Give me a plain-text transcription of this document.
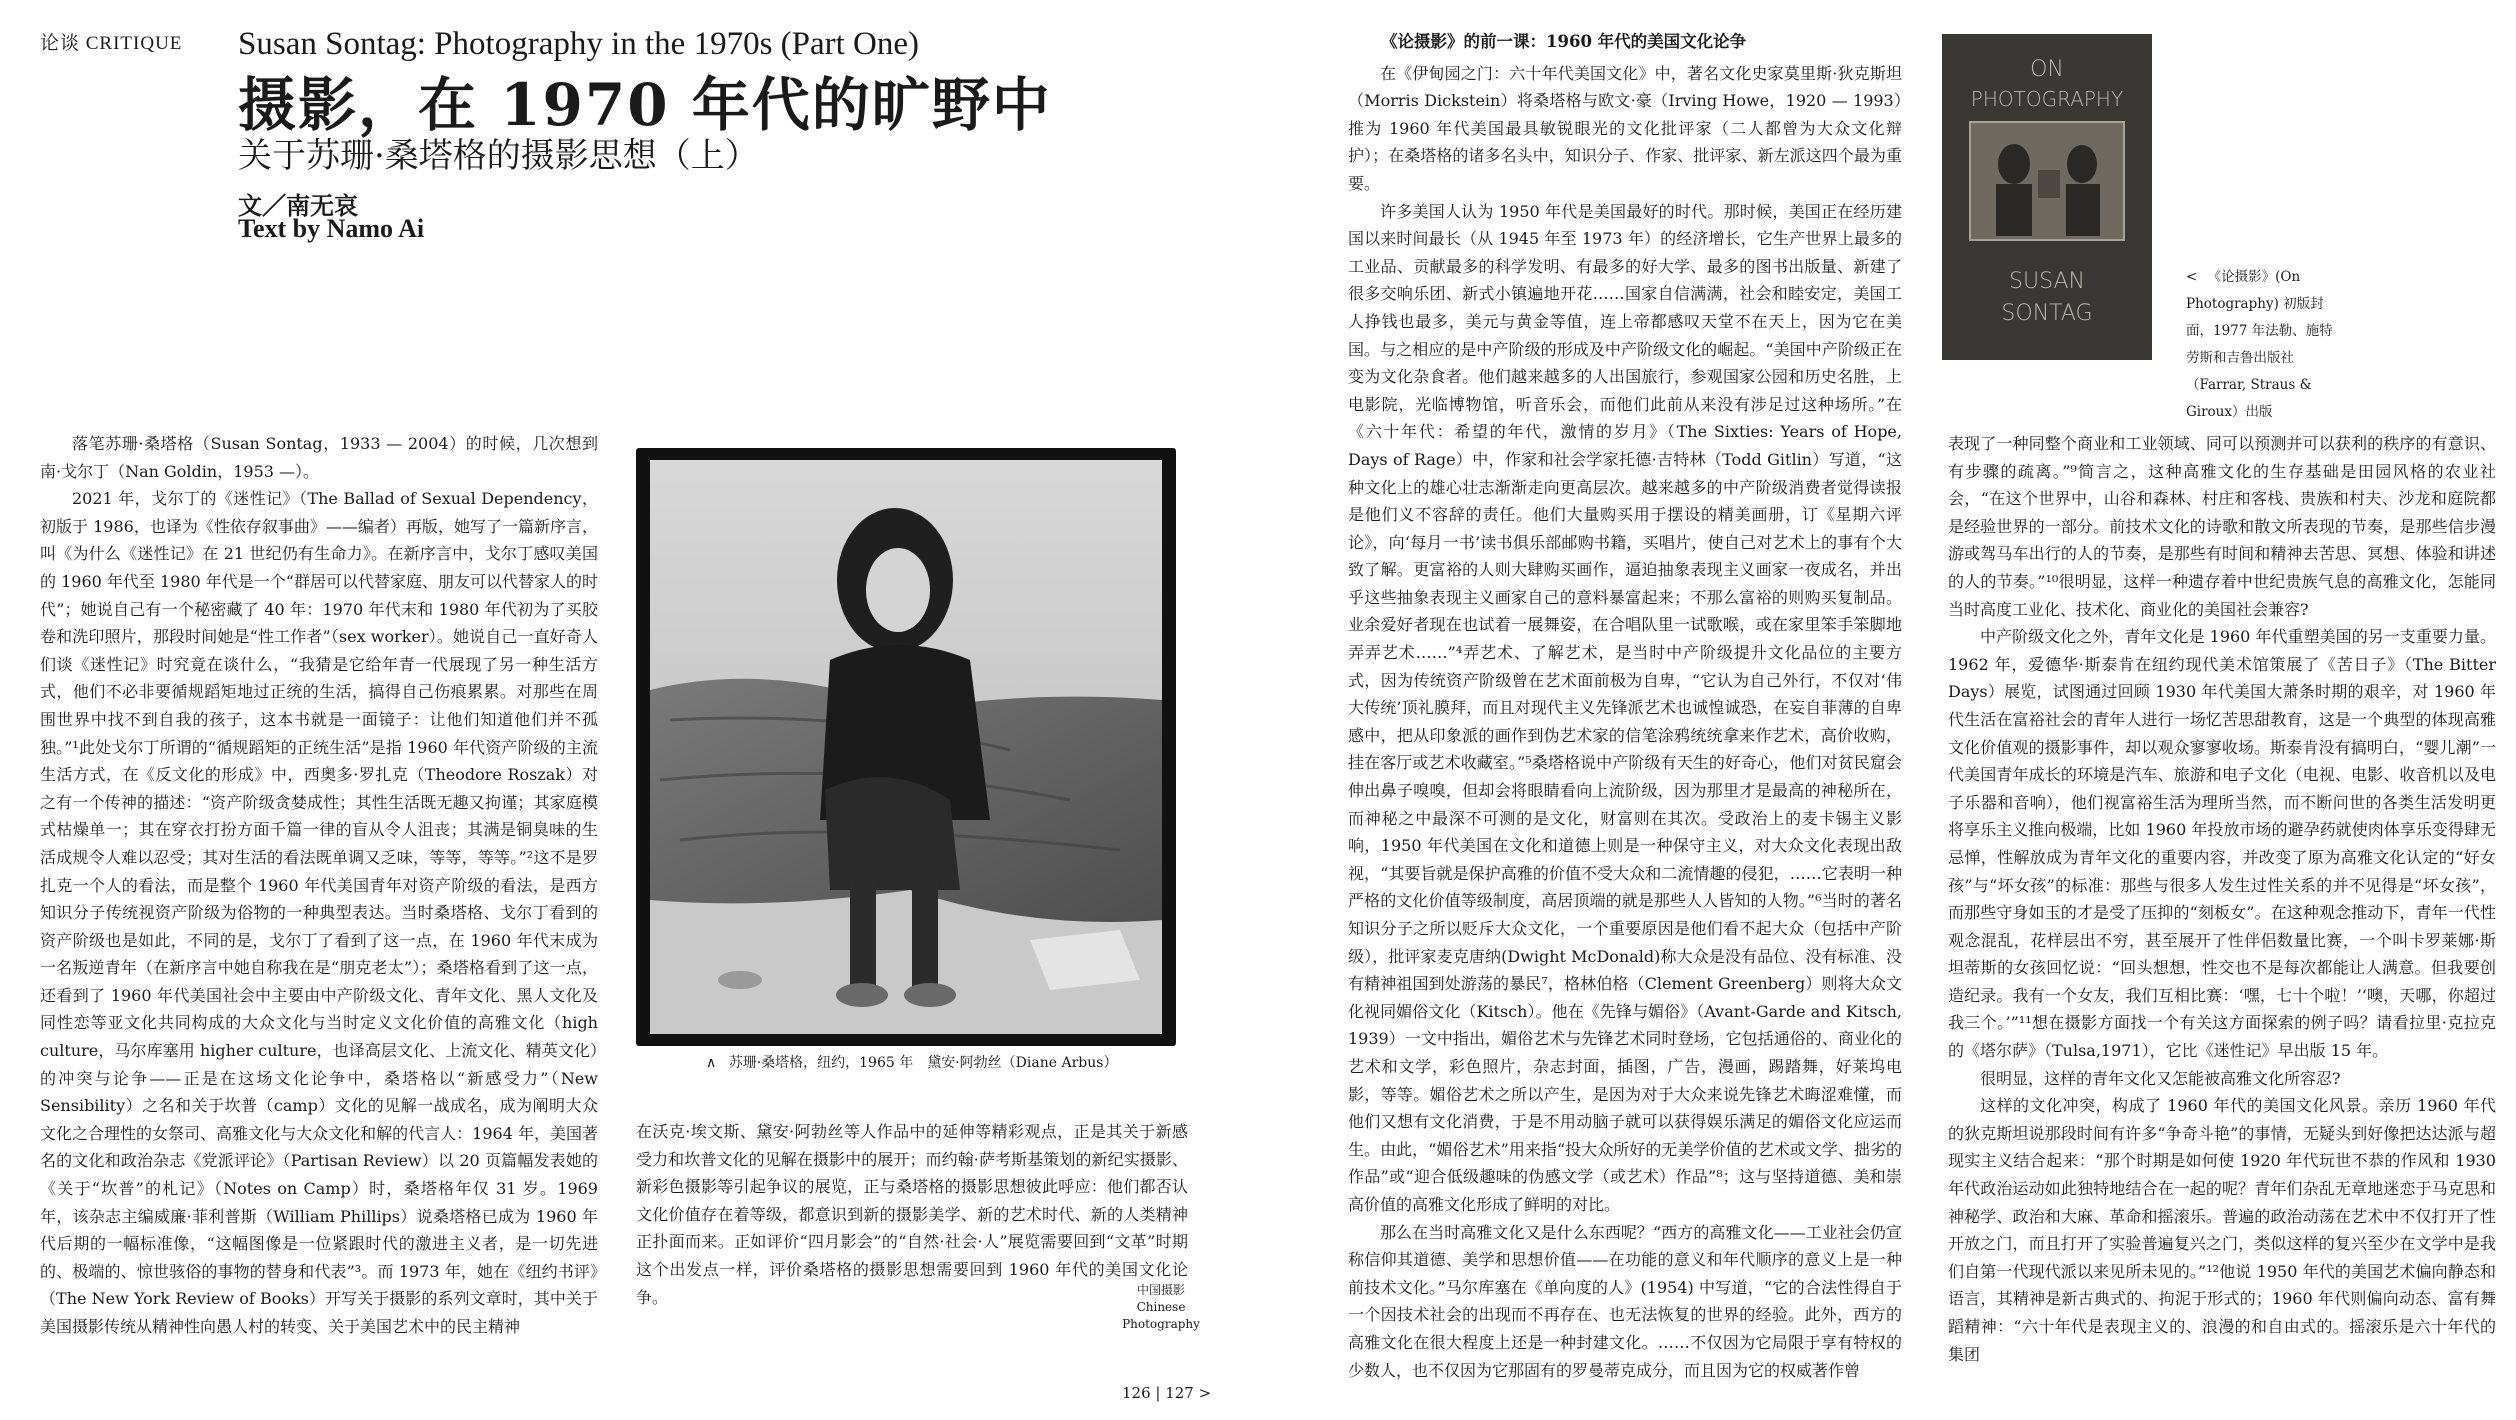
论谈 CRITIQUE Susan Sontag: Photography in the 1970s (Part One)
摄影，在 1970 年代的旷野中
关于苏珊·桑塔格的摄影思想（上）
文／南无哀
Text by Namo Ai

落笔苏珊·桑塔格（Susan Sontag，1933 — 2004）的时候，几次想到南·戈尔丁（Nan Goldin，1953 —）。

2021 年，戈尔丁的《迷性记》（The Ballad of Sexual Dependency，初版于 1986，也译为《性依存叙事曲》——编者）再版，她写了一篇新序言，叫《为什么《迷性记》在 21 世纪仍有生命力》。在新序言中，戈尔丁感叹美国的 1960 年代至 1980 年代是一个“群居可以代替家庭、朋友可以代替家人的时代”；她说自己有一个秘密藏了 40 年：1970 年代末和 1980 年代初为了买胶卷和洗印照片，那段时间她是“性工作者”（sex worker）。她说自己一直好奇人们谈《迷性记》时究竟在谈什么，“我猜是它给年青一代展现了另一种生活方式，他们不必非要循规蹈矩地过正统的生活，搞得自己伤痕累累。对那些在周围世界中找不到自我的孩子，这本书就是一面镜子：让他们知道他们并不孤独。”¹此处戈尔丁所谓的“循规蹈矩的正统生活”是指 1960 年代资产阶级的主流生活方式，在《反文化的形成》中，西奥多·罗扎克（Theodore Roszak）对之有一个传神的描述：“资产阶级贪婪成性；其性生活既无趣又拘谨；其家庭模式枯燥单一；其在穿衣打扮方面千篇一律的盲从令人沮丧；其满是铜臭味的生活成规令人难以忍受；其对生活的看法既单调又乏味，等等，等等。”²这不是罗扎克一个人的看法，而是整个 1960 年代美国青年对资产阶级的看法，是西方知识分子传统视资产阶级为俗物的一种典型表达。当时桑塔格、戈尔丁看到的资产阶级也是如此，不同的是，戈尔丁了看到了这一点，在 1960 年代末成为一名叛逆青年（在新序言中她自称我在是“朋克老太”）；桑塔格看到了这一点，还看到了 1960 年代美国社会中主要由中产阶级文化、青年文化、黑人文化及同性恋等亚文化共同构成的大众文化与当时定义文化价值的高雅文化（high culture，马尔库塞用 higher culture，也译高层文化、上流文化、精英文化）的冲突与论争——正是在这场文化论争中，桑塔格以“新感受力”（New Sensibility）之名和关于坎普（camp）文化的见解一战成名，成为阐明大众文化之合理性的女祭司、高雅文化与大众文化和解的代言人：1964 年，美国著名的文化和政治杂志《党派评论》（Partisan Review）以 20 页篇幅发表她的《关于“坎普”的札记》（Notes on Camp）时，桑塔格年仅 31 岁。1969 年，该杂志主编威廉·菲利普斯（William Phillips）说桑塔格已成为 1960 年代后期的一幅标准像，“这幅图像是一位紧跟时代的激进主义者，是一切先进的、极端的、惊世骇俗的事物的替身和代表”³。而 1973 年，她在《纽约书评》（The New York Review of Books）开写关于摄影的系列文章时，其中关于美国摄影传统从精神性向愚人村的转变、关于美国艺术中的民主精神

∧ 苏珊·桑塔格，纽约，1965 年　黛安·阿勃丝（Diane Arbus）

在沃克·埃文斯、黛安·阿勃丝等人作品中的延伸等精彩观点，正是其关于新感受力和坎普文化的见解在摄影中的展开；而约翰·萨考斯基策划的新纪实摄影、新彩色摄影等引起争议的展览，正与桑塔格的摄影思想彼此呼应：他们都否认文化价值存在着等级，都意识到新的摄影美学、新的艺术时代、新的人类精神正扑面而来。正如评价“四月影会”的“自然·社会·人”展览需要回到“文革”时期这个出发点一样，评价桑塔格的摄影思想需要回到 1960 年代的美国文化论争。	中国摄影
Chinese
Photography
《论摄影》的前一课：1960 年代的美国文化论争

在《伊甸园之门：六十年代美国文化》中，著名文化史家莫里斯·狄克斯坦（Morris Dickstein）将桑塔格与欧文·豪（Irving Howe，1920 — 1993）推为 1960 年代美国最具敏锐眼光的文化批评家（二人都曾为大众文化辩护）；在桑塔格的诸多名头中，知识分子、作家、批评家、新左派这四个最为重要。

许多美国人认为 1950 年代是美国最好的时代。那时候，美国正在经历建国以来时间最长（从 1945 年至 1973 年）的经济增长，它生产世界上最多的工业品、贡献最多的科学发明、有最多的好大学、最多的图书出版量、新建了很多交响乐团、新式小镇遍地开花……国家自信满满，社会和睦安定，美国工人挣钱也最多，美元与黄金等值，连上帝都感叹天堂不在天上，因为它在美国。与之相应的是中产阶级的形成及中产阶级文化的崛起。“美国中产阶级正在变为文化杂食者。他们越来越多的人出国旅行，参观国家公园和历史名胜，上电影院，光临博物馆，听音乐会，而他们此前从来没有涉足过这种场所。”在《六十年代：希望的年代，激情的岁月》（The Sixties: Years of Hope, Days of Rage）中，作家和社会学家托德·吉特林（Todd Gitlin）写道，“这种文化上的雄心壮志渐渐走向更高层次。越来越多的中产阶级消费者觉得读报是他们义不容辞的责任。他们大量购买用于摆设的精美画册，订《星期六评论》，向‘每月一书’读书俱乐部邮购书籍，买唱片，使自己对艺术上的事有个大致了解。更富裕的人则大肆购买画作，逼迫抽象表现主义画家一夜成名，并出乎这些抽象表现主义画家自己的意料暴富起来；不那么富裕的则购买复制品。业余爱好者现在也试着一展舞姿，在合唱队里一试歌喉，或在家里笨手笨脚地弄弄艺术……”⁴弄艺术、了解艺术，是当时中产阶级提升文化品位的主要方式，因为传统资产阶级曾在艺术面前极为自卑，“它认为自己外行，不仅对‘伟大传统’顶礼膜拜，而且对现代主义先锋派艺术也诚惶诚恐，在妄自菲薄的自卑感中，把从印象派的画作到伪艺术家的信笔涂鸦统统拿来作艺术，高价收购，挂在客厅或艺术收藏室。”⁵桑塔格说中产阶级有天生的好奇心，他们对贫民窟会伸出鼻子嗅嗅，但却会将眼睛看向上流阶级，因为那里才是最高的神秘所在，而神秘之中最深不可测的是文化，财富则在其次。受政治上的麦卡锡主义影响，1950 年代美国在文化和道德上则是一种保守主义，对大众文化表现出敌视，“其要旨就是保护高雅的价值不受大众和二流情趣的侵犯，……它表明一种严格的文化价值等级制度，高居顶端的就是那些人人皆知的人物。”⁶当时的著名知识分子之所以贬斥大众文化，一个重要原因是他们看不起大众（包括中产阶级），批评家麦克唐纳(Dwight McDonald)称大众是没有品位、没有标准、没有精神祖国到处游荡的暴民⁷，格林伯格（Clement Greenberg）则将大众文化视同媚俗文化（Kitsch）。他在《先锋与媚俗》（Avant-Garde and Kitsch, 1939）一文中指出，媚俗艺术与先锋艺术同时登场，它包括通俗的、商业化的艺术和文学，彩色照片，杂志封面，插图，广告，漫画，踢踏舞，好莱坞电影，等等。媚俗艺术之所以产生，是因为对于大众来说先锋艺术晦涩难懂，而他们又想有文化消费，于是不用动脑子就可以获得娱乐满足的媚俗文化应运而生。由此，“媚俗艺术”用来指“投大众所好的无美学价值的艺术或文学、拙劣的作品”或“迎合低级趣味的伪感文学（或艺术）作品”⁸；这与坚持道德、美和崇高价值的高雅文化形成了鲜明的对比。

那么在当时高雅文化又是什么东西呢？“西方的高雅文化——工业社会仍宣称信仰其道德、美学和思想价值——在功能的意义和年代顺序的意义上是一种前技术文化。”马尔库塞在《单向度的人》(1954) 中写道，“它的合法性得自于一个因技术社会的出现而不再存在、也无法恢复的世界的经验。此外，西方的高雅文化在很大程度上还是一种封建文化。……不仅因为它局限于享有特权的少数人，也不仅因为它那固有的罗曼蒂克成分，而且因为它的权威著作曾

ON
PHOTOGRAPHY
SUSAN
SONTAG
< 《论摄影》(On Photography) 初版封面，1977 年法勒、施特劳斯和吉鲁出版社（Farrar, Straus & Giroux）出版

表现了一种同整个商业和工业领域、同可以预测并可以获利的秩序的有意识、有步骤的疏离。”⁹简言之，这种高雅文化的生存基础是田园风格的农业社会，“在这个世界中，山谷和森林、村庄和客栈、贵族和村夫、沙龙和庭院都是经验世界的一部分。前技术文化的诗歌和散文所表现的节奏，是那些信步漫游或驾马车出行的人的节奏，是那些有时间和精神去苦思、冥想、体验和讲述的人的节奏。”¹⁰很明显，这样一种遗存着中世纪贵族气息的高雅文化，怎能同当时高度工业化、技术化、商业化的美国社会兼容?

中产阶级文化之外，青年文化是 1960 年代重塑美国的另一支重要力量。1962 年，爱德华·斯泰肯在纽约现代美术馆策展了《苦日子》（The Bitter Days）展览，试图通过回顾 1930 年代美国大萧条时期的艰辛，对 1960 年代生活在富裕社会的青年人进行一场忆苦思甜教育，这是一个典型的体现高雅文化价值观的摄影事件，却以观众寥寥收场。斯泰肯没有搞明白，“婴儿潮”一代美国青年成长的环境是汽车、旅游和电子文化（电视、电影、收音机以及电子乐器和音响），他们视富裕生活为理所当然，而不断问世的各类生活发明更将享乐主义推向极端，比如 1960 年投放市场的避孕药就使肉体享乐变得肆无忌惮，性解放成为青年文化的重要内容，并改变了原为高雅文化认定的“好女孩”与“坏女孩”的标准：那些与很多人发生过性关系的并不见得是“坏女孩”，而那些守身如玉的才是受了压抑的“刻板女”。在这种观念推动下，青年一代性观念混乱，花样层出不穷，甚至展开了性伴侣数量比赛，一个叫卡罗莱娜·斯坦蒂斯的女孩回忆说：“回头想想，性交也不是每次都能让人满意。但我要创造纪录。我有一个女友，我们互相比赛：‘嘿，七十个啦！’‘噢，天哪，你超过我三个。’”¹¹想在摄影方面找一个有关这方面探索的例子吗？请看拉里·克拉克的《塔尔萨》（Tulsa,1971），它比《迷性记》早出版 15 年。

很明显，这样的青年文化又怎能被高雅文化所容忍?

这样的文化冲突，构成了 1960 年代的美国文化风景。亲历 1960 年代的狄克斯坦说那段时间有许多“争奇斗艳”的事情，无疑头到好像把达达派与超现实主义结合起来：“那个时期是如何使 1920 年代玩世不恭的作风和 1930 年代政治运动如此独特地结合在一起的呢？青年们杂乱无章地迷恋于马克思和神秘学、政治和大麻、革命和摇滚乐。普遍的政治动荡在艺术中不仅打开了性开放之门，而且打开了实验普遍复兴之门，类似这样的复兴至少在文学中是我们自第一代现代派以来见所未见的。”¹²他说 1950 年代的美国艺术偏向静态和语言，其精神是新古典式的、拘泥于形式的；1960 年代则偏向动态、富有舞蹈精神：“六十年代是表现主义的、浪漫的和自由式的。摇滚乐是六十年代的集团

126 | 127 >
